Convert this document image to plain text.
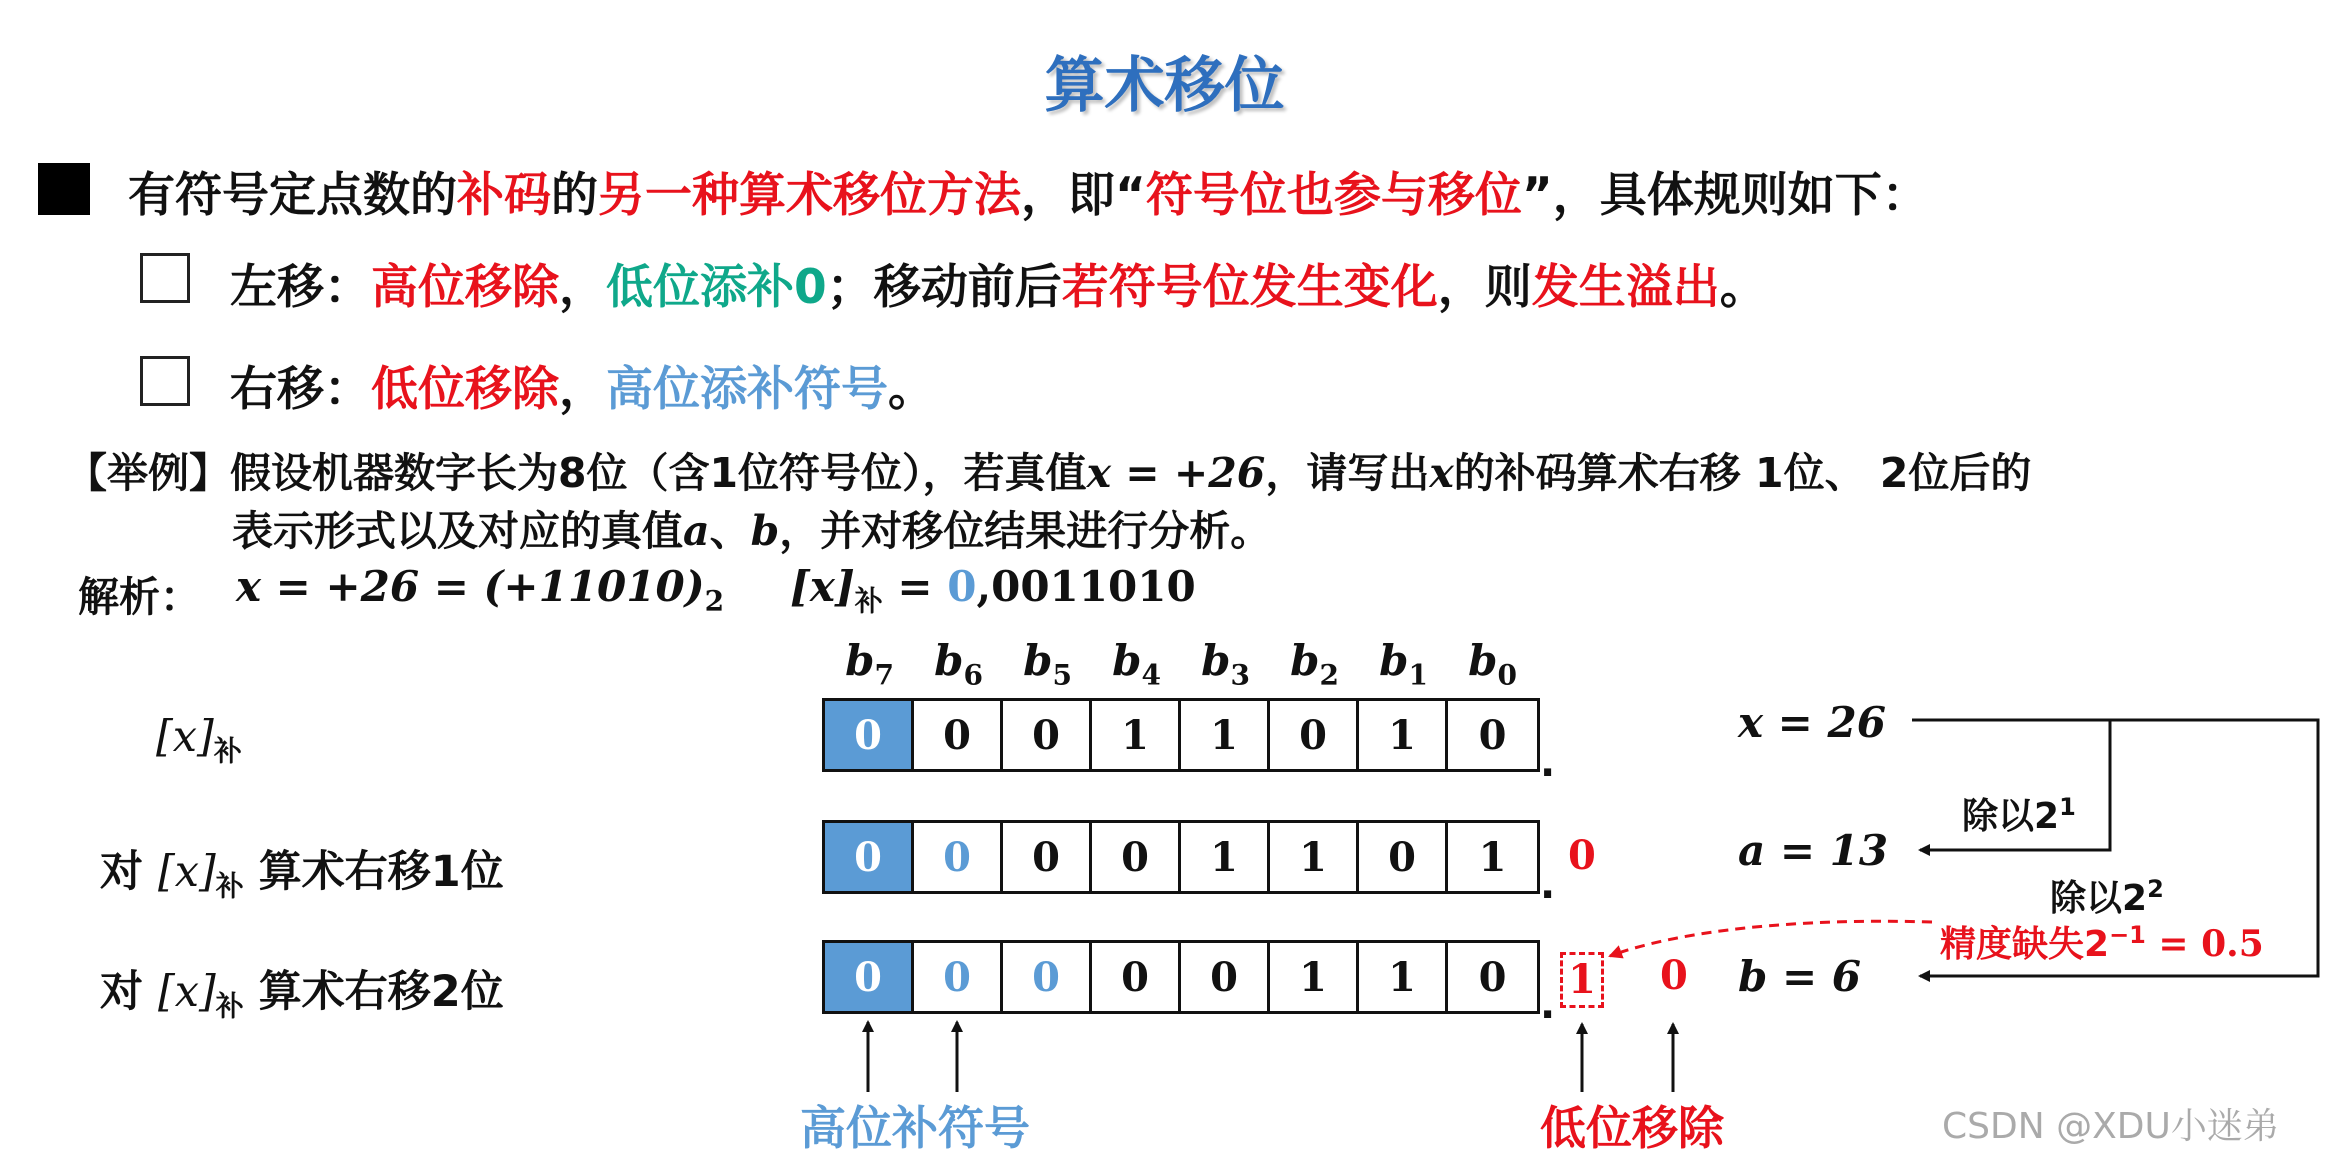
算术移位
有符号定点数的补码的另一种算术移位方法，即“符号位也参与移位”，具体规则如下：
左移：高位移除，低位添补0；移动前后若符号位发生变化，则发生溢出。
右移：低位移除，高位添补符号。
【举例】假设机器数字长为8位（含1位符号位），若真值x = +26，请写出x的补码算术右移 1位、 2位后的
表示形式以及对应的真值a、b，并对移位结果进行分析。
解析： $x = +26 = (+11010)_2$ $[x]_补 = 0,0011010$
$b_7$ $b_6$ $b_5$ $b_4$ $b_3$ $b_2$ $b_1$ $b_0$
$[x]_补$
对 $[x]_补$ 算术右移1位
对 $[x]_补$ 算术右移2位
0	0	0	1	1	0	1	0
.
0	0	0	0	1	1	0	1
.
0
0	0	0	0	0	1	1	0
.
1 0
x = 26
a = 13
b = 6
除以$2^1$
除以$2^2$
精度缺失$2^{-1} = 0.5$
高位补符号	低位移除	CSDN @XDU小迷弟
